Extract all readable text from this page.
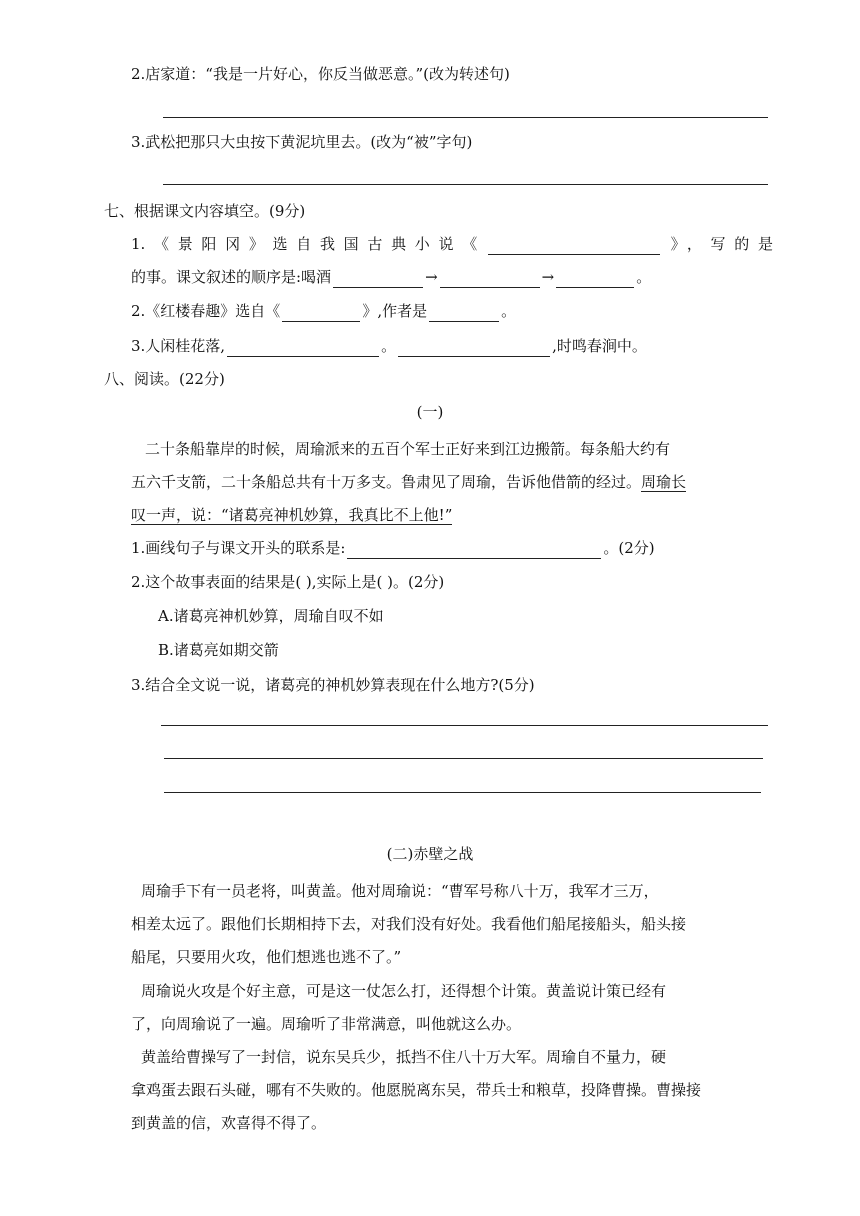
2.店家道：“我是一片好心，你反当做恶意。”(改为转述句)
3.武松把那只大虫按下黄泥坑里去。(改为“被”字句)
七、根据课文内容填空。(9分)
1.《景阳冈》选自我国古典小说《	》，写的是
的事。课文叙述的顺序是:喝酒	→	→	。
2.《红楼春趣》选自《	》,作者是	。
3.人闲桂花落,	。	,时鸣春涧中。
八、阅读。(22分)
(一)
二十条船靠岸的时候，周瑜派来的五百个军士正好来到江边搬箭。每条船大约有
五六千支箭，二十条船总共有十万多支。鲁肃见了周瑜，告诉他借箭的经过。周瑜长
叹一声，说：“诸葛亮神机妙算，我真比不上他!”
1.画线句子与课文开头的联系是:	。(2分)
2.这个故事表面的结果是( ),实际上是( )。(2分)
A.诸葛亮神机妙算，周瑜自叹不如
B.诸葛亮如期交箭
3.结合全文说一说，诸葛亮的神机妙算表现在什么地方?(5分)
(二)赤壁之战
周瑜手下有一员老将，叫黄盖。他对周瑜说：“曹军号称八十万，我军才三万，
相差太远了。跟他们长期相持下去，对我们没有好处。我看他们船尾接船头，船头接
船尾，只要用火攻，他们想逃也逃不了。”
周瑜说火攻是个好主意，可是这一仗怎么打，还得想个计策。黄盖说计策已经有
了，向周瑜说了一遍。周瑜听了非常满意，叫他就这么办。
黄盖给曹操写了一封信，说东吴兵少，抵挡不住八十万大军。周瑜自不量力，硬
拿鸡蛋去跟石头碰，哪有不失败的。他愿脱离东吴，带兵士和粮草，投降曹操。曹操接
到黄盖的信，欢喜得不得了。
